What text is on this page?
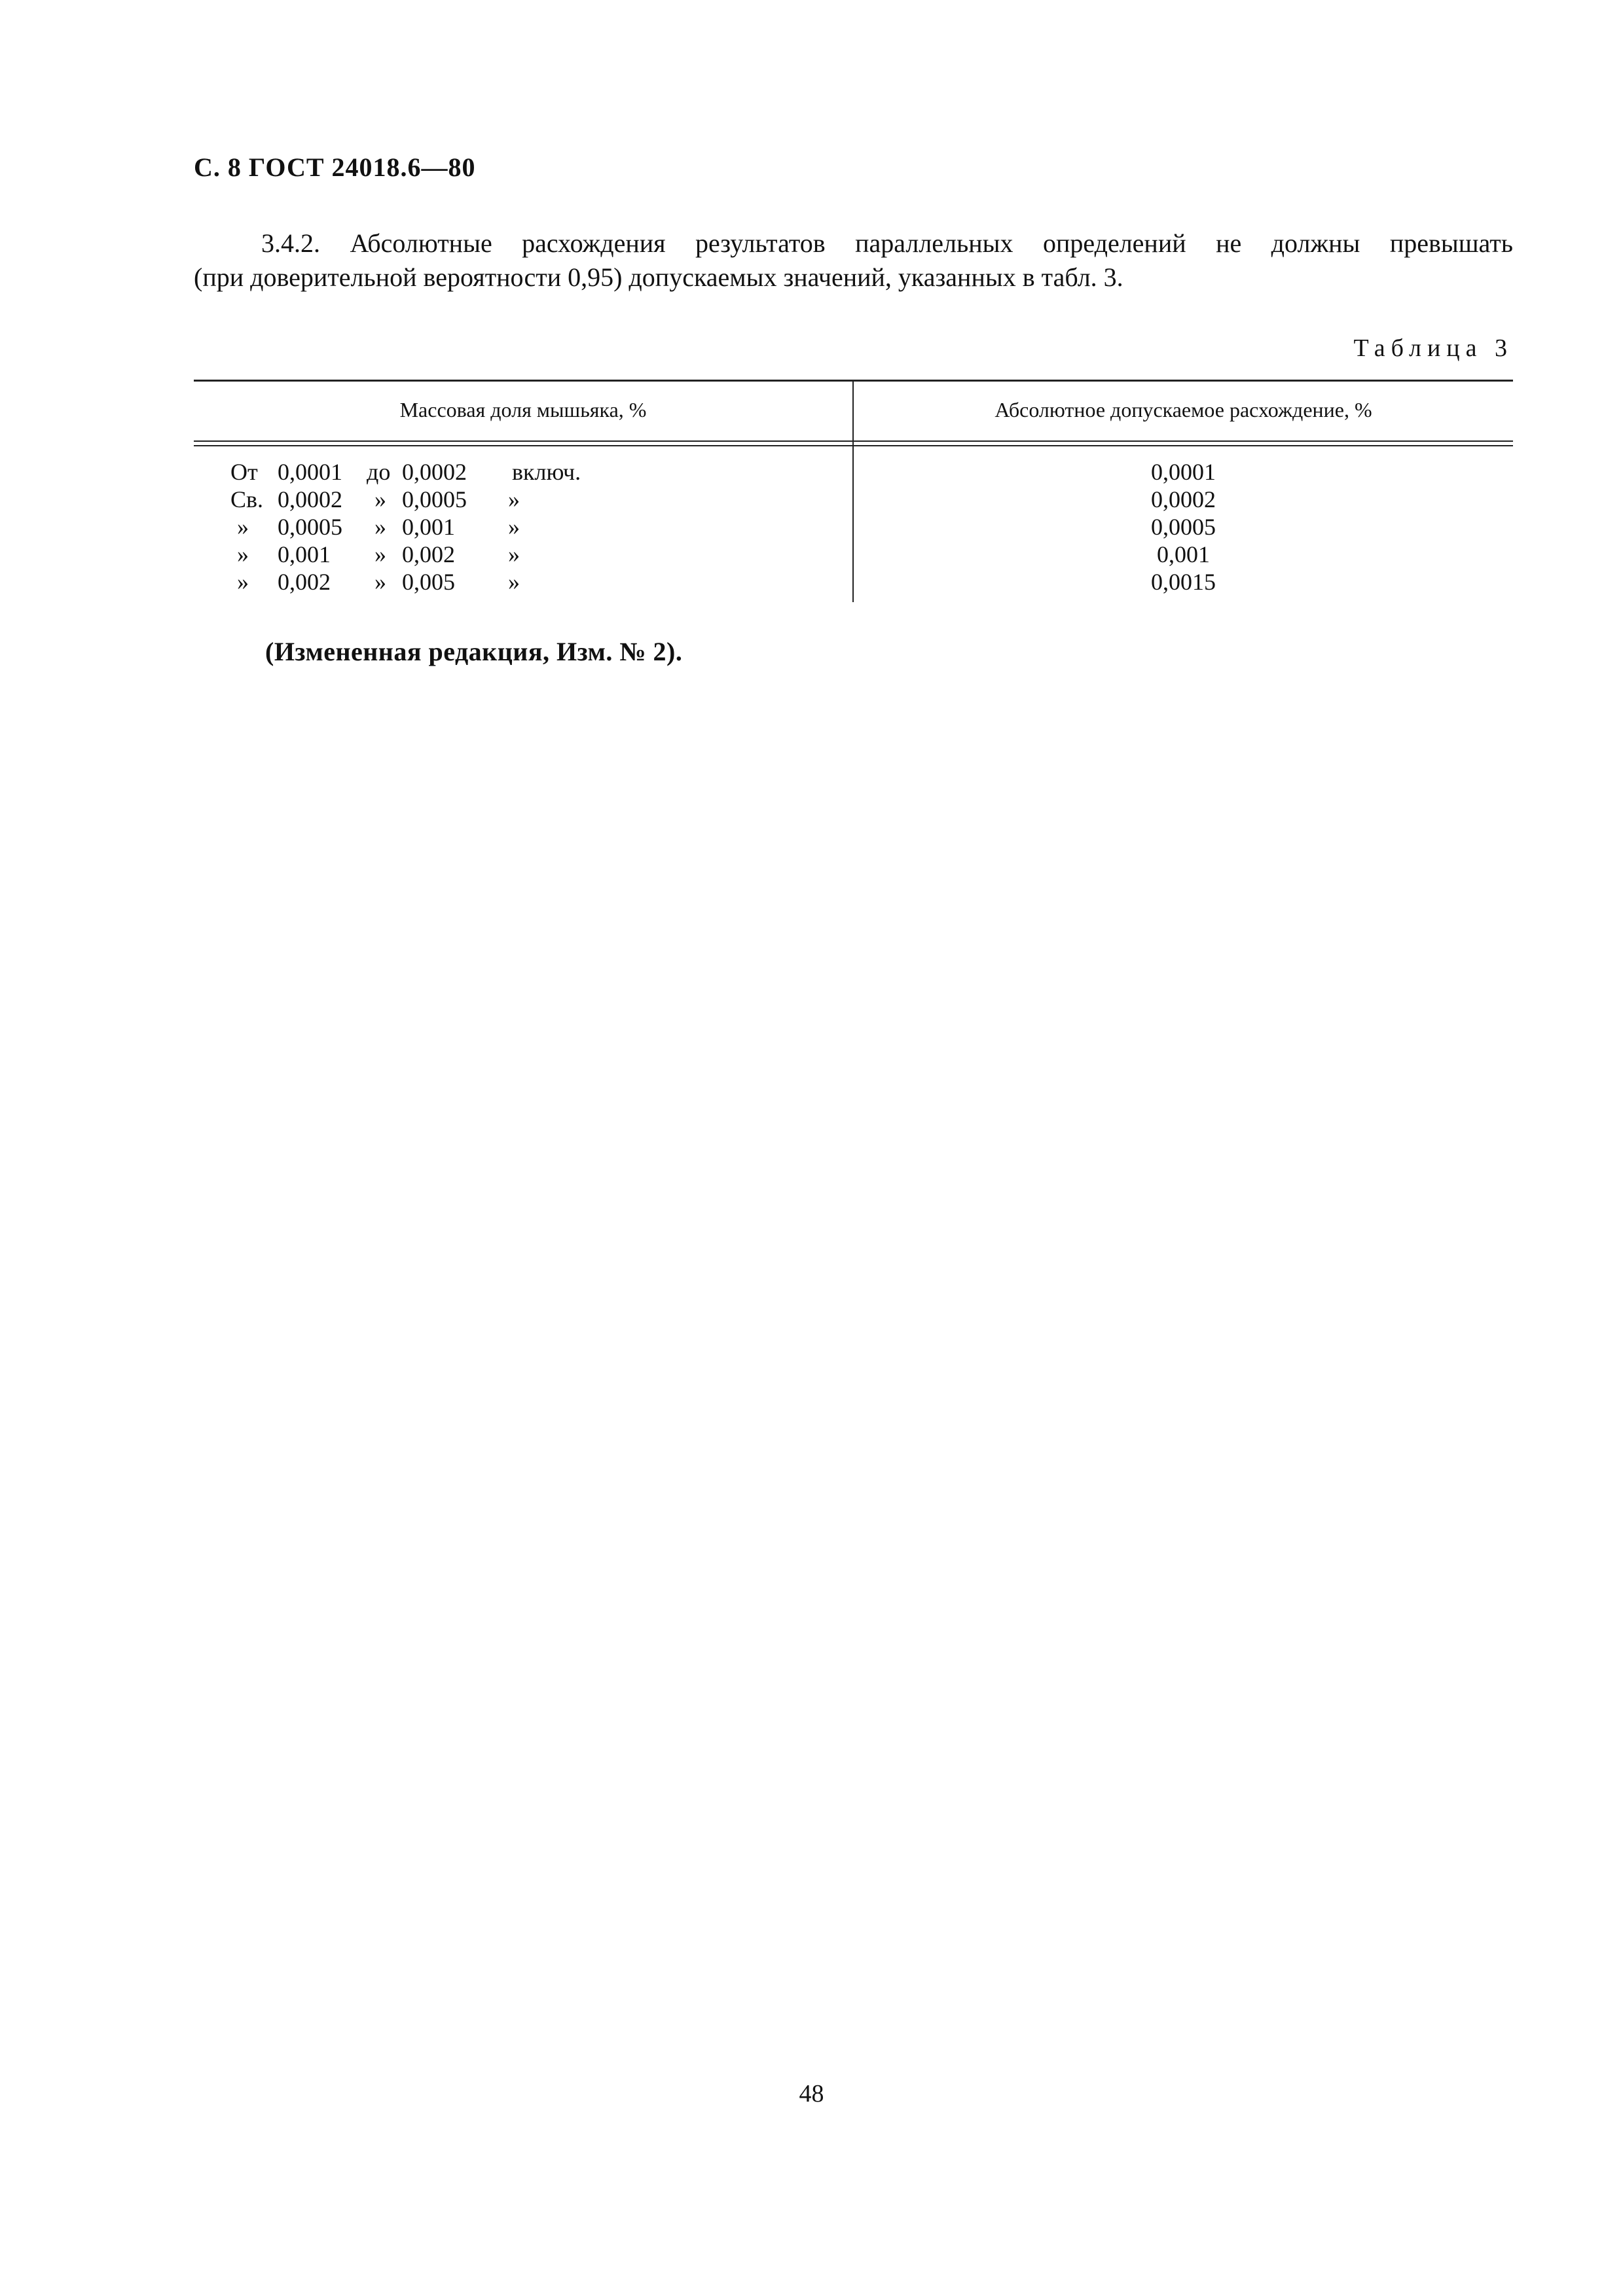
С. 8 ГОСТ 24018.6—80
3.4.2. Абсолютные расхождения результатов параллельных определений не должны превышать
(при доверительной вероятности 0,95) допускаемых значений, указанных в табл. 3.
Таблица 3
Массовая доля мышьяка, %	Абсолютное допускаемое расхождение, %
От 0,0001 до 0,0002 включ.	0,0001
Св. 0,0002 » 0,0005 »	0,0002
» 0,0005 » 0,001 »	0,0005
» 0,001 » 0,002 »	0,001
» 0,002 » 0,005 »	0,0015
(Измененная редакция, Изм. № 2).
48
